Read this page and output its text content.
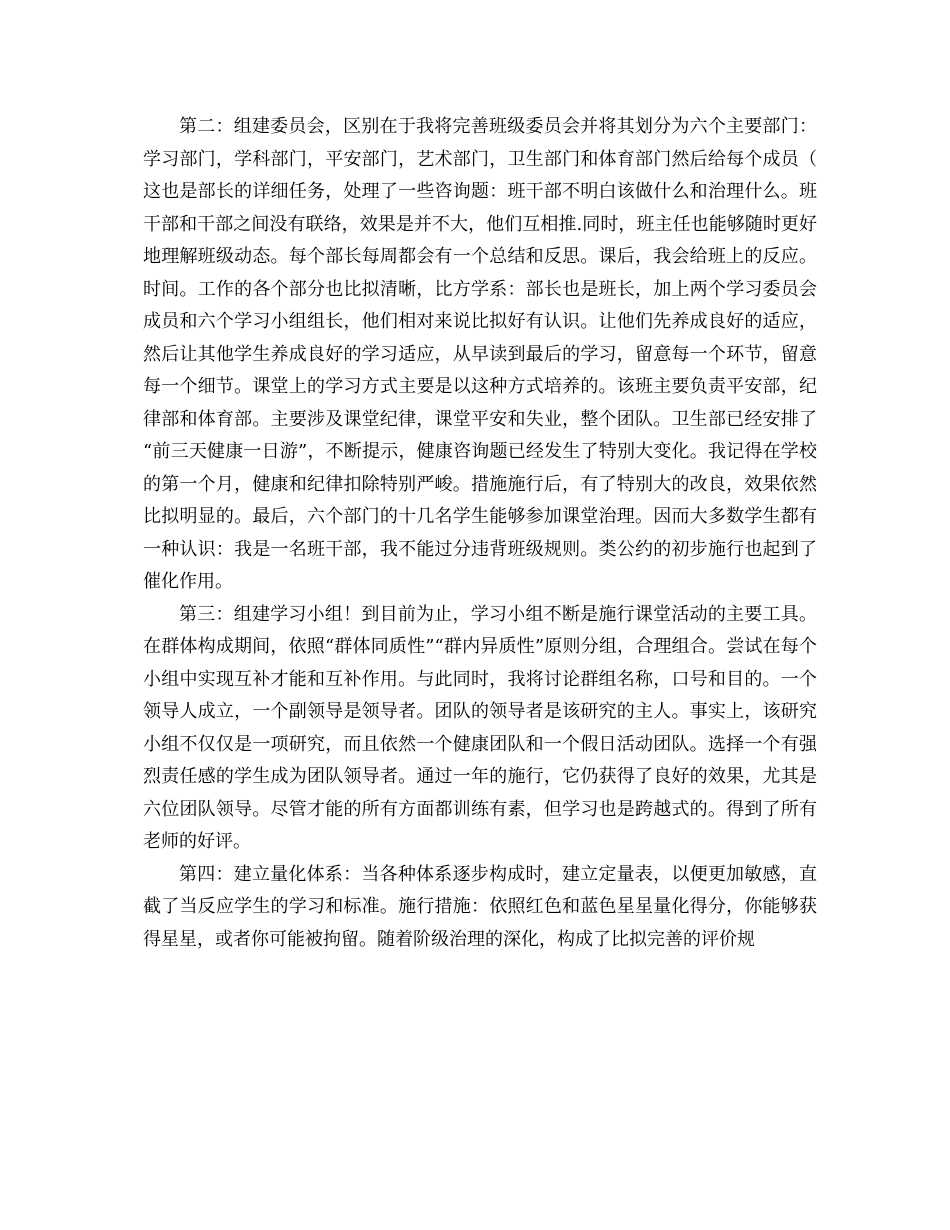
第二：组建委员会，区别在于我将完善班级委员会并将其划分为六个主要部门：学习部门，学科部门，平安部门，艺术部门，卫生部门和体育部门然后给每个成员（这也是部长的详细任务，处理了一些咨询题：班干部不明白该做什么和治理什么。班干部和干部之间没有联络，效果是并不大，他们互相推.同时，班主任也能够随时更好地理解班级动态。每个部长每周都会有一个总结和反思。课后，我会给班上的反应。时间。工作的各个部分也比拟清晰，比方学系：部长也是班长，加上两个学习委员会成员和六个学习小组组长，他们相对来说比拟好有认识。让他们先养成良好的适应，然后让其他学生养成良好的学习适应，从早读到最后的学习，留意每一个环节，留意每一个细节。课堂上的学习方式主要是以这种方式培养的。该班主要负责平安部，纪律部和体育部。主要涉及课堂纪律，课堂平安和失业，整个团队。卫生部已经安排了“前三天健康一日游”，不断提示，健康咨询题已经发生了特别大变化。我记得在学校的第一个月，健康和纪律扣除特别严峻。措施施行后，有了特别大的改良，效果依然比拟明显的。最后，六个部门的十几名学生能够参加课堂治理。因而大多数学生都有一种认识：我是一名班干部，我不能过分违背班级规则。类公约的初步施行也起到了催化作用。

第三：组建学习小组！到目前为止，学习小组不断是施行课堂活动的主要工具。在群体构成期间，依照“群体同质性”“群内异质性”原则分组，合理组合。尝试在每个小组中实现互补才能和互补作用。与此同时，我将讨论群组名称，口号和目的。一个领导人成立，一个副领导是领导者。团队的领导者是该研究的主人。事实上，该研究小组不仅仅是一项研究，而且依然一个健康团队和一个假日活动团队。选择一个有强烈责任感的学生成为团队领导者。通过一年的施行，它仍获得了良好的效果，尤其是六位团队领导。尽管才能的所有方面都训练有素，但学习也是跨越式的。得到了所有老师的好评。

第四：建立量化体系：当各种体系逐步构成时，建立定量表，以便更加敏感，直截了当反应学生的学习和标准。施行措施：依照红色和蓝色星星量化得分，你能够获得星星，或者你可能被拘留。随着阶级治理的深化，构成了比拟完善的评价规
